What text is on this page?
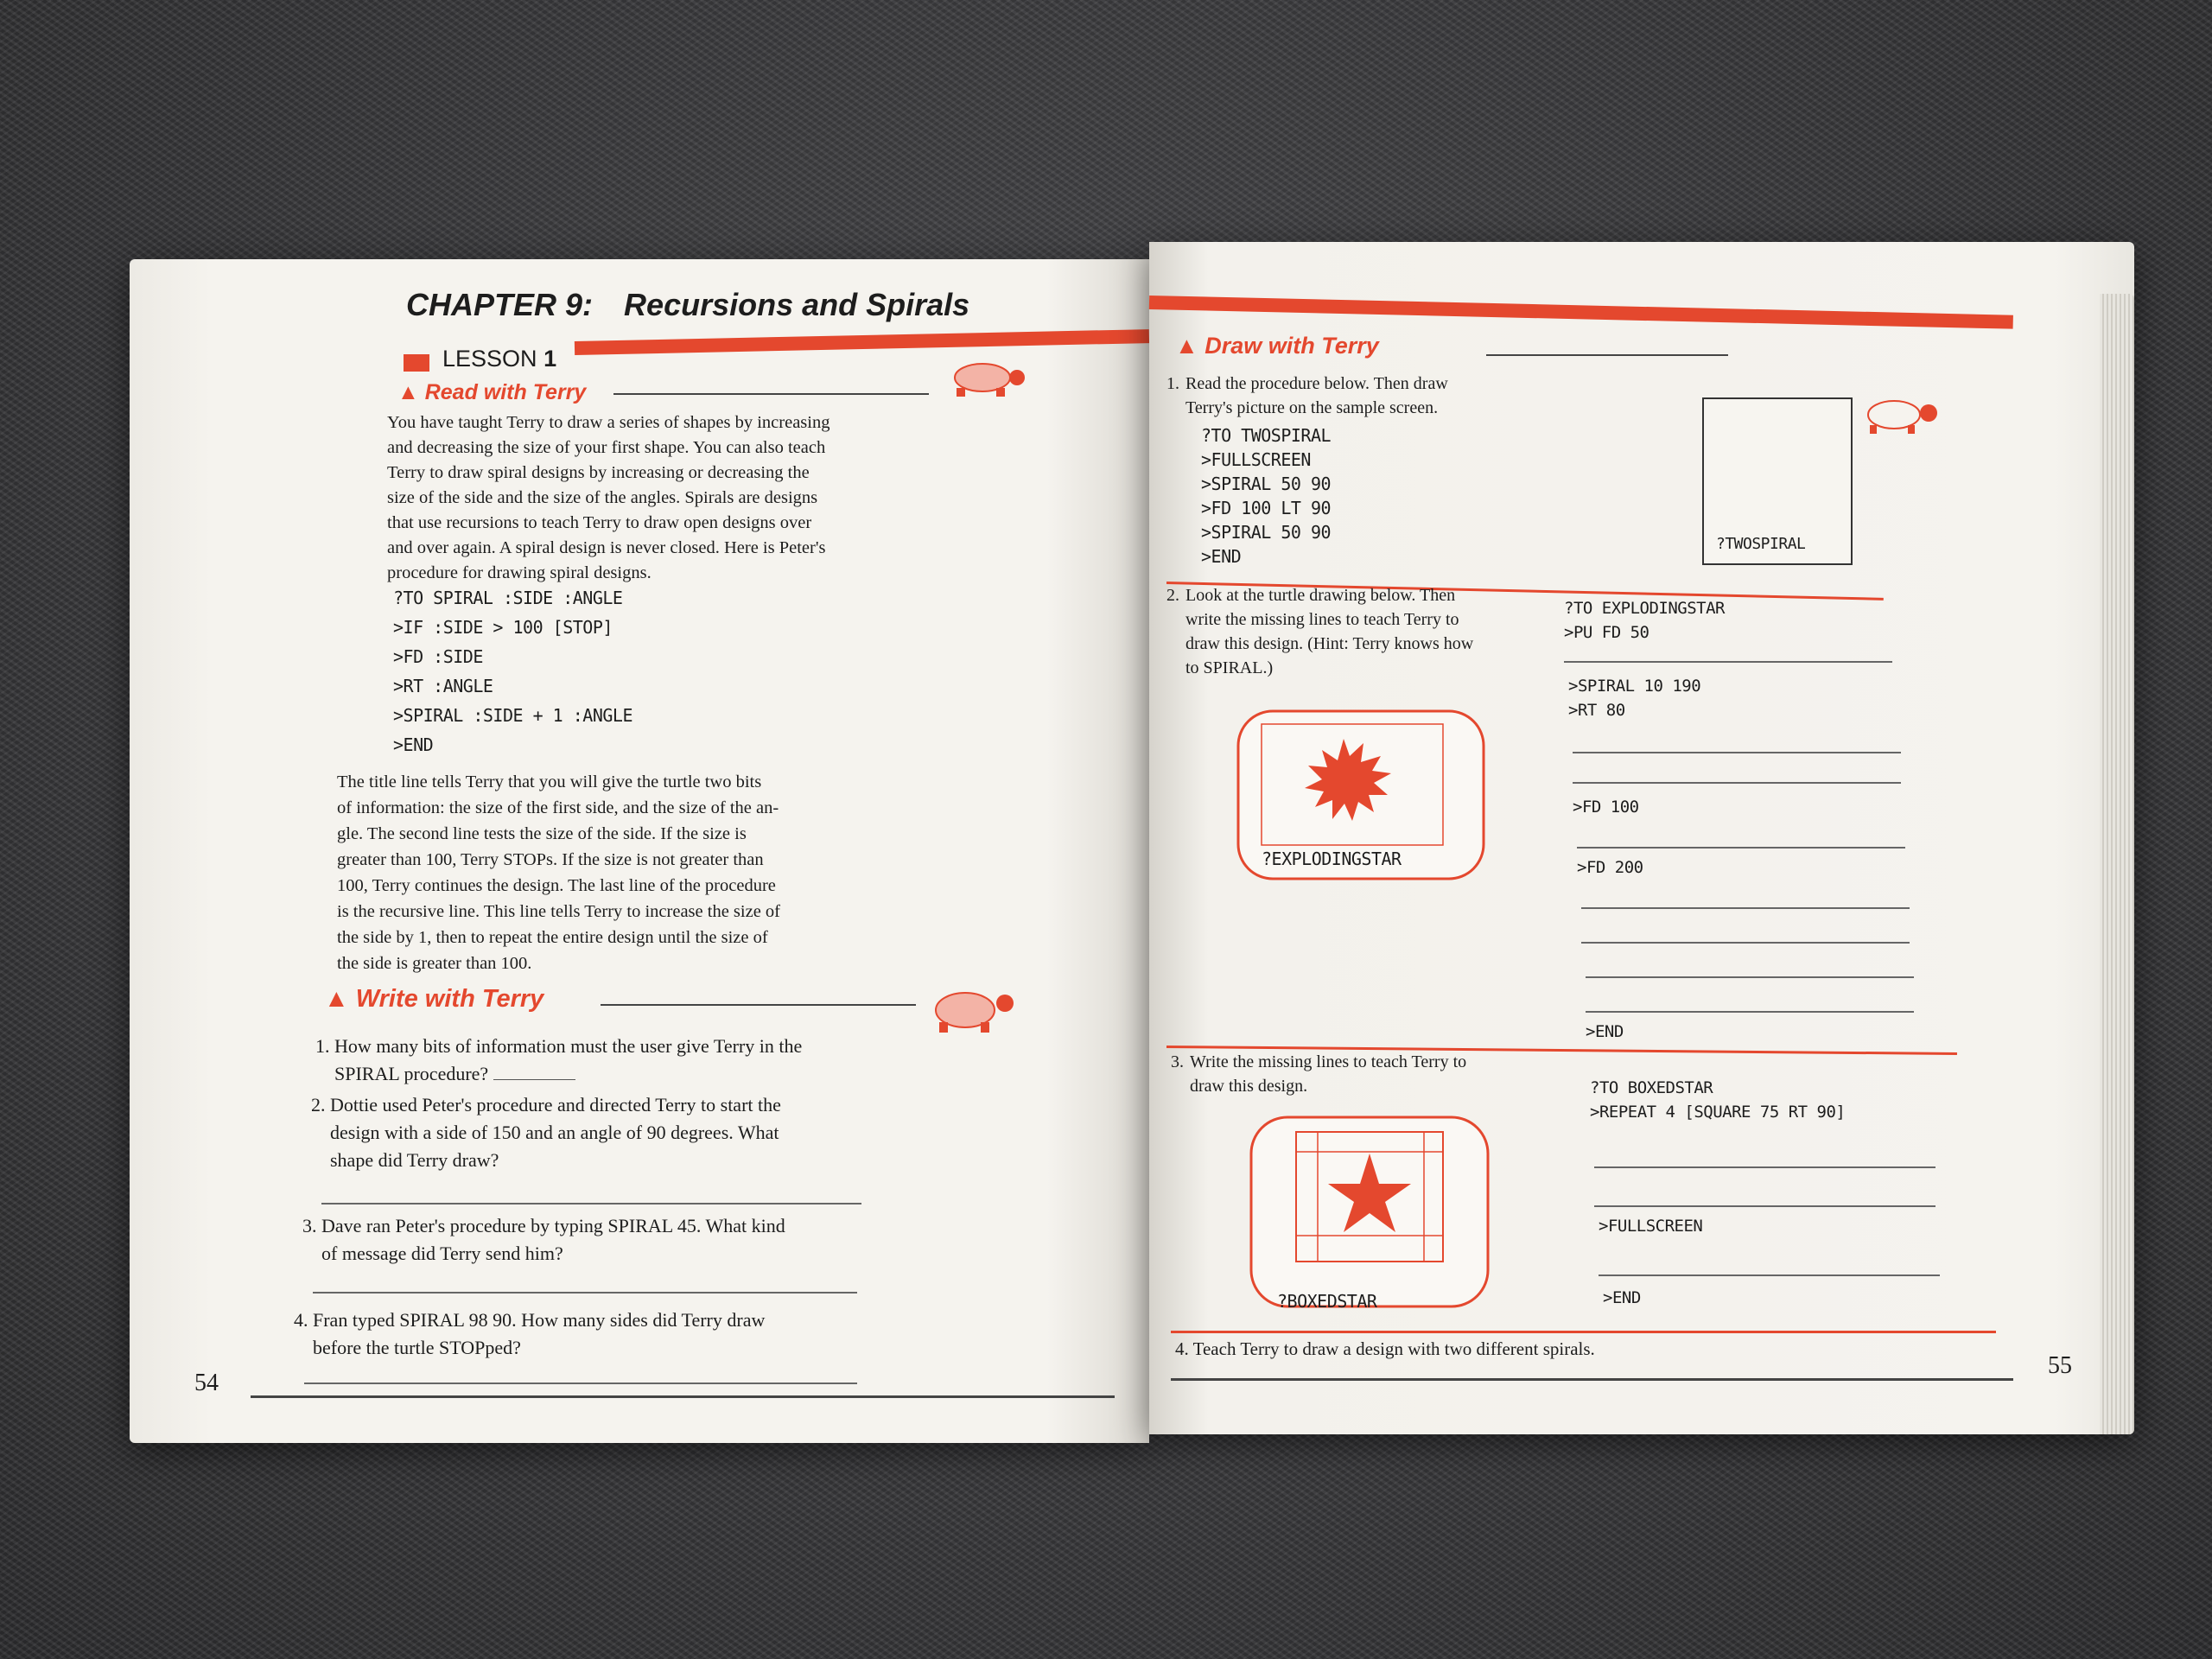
CHAPTER 9: Recursions and Spirals
LESSON 1
▲ Read with Terry
You have taught Terry to draw a series of shapes by increasing
and decreasing the size of your first shape. You can also teach
Terry to draw spiral designs by increasing or decreasing the
size of the side and the size of the angles. Spirals are designs
that use recursions to teach Terry to draw open designs over
and over again. A spiral design is never closed. Here is Peter's
procedure for drawing spiral designs.
?TO SPIRAL :SIDE :ANGLE
>IF :SIDE > 100 [STOP]
>FD :SIDE
>RT :ANGLE
>SPIRAL :SIDE + 1 :ANGLE
>END
The title line tells Terry that you will give the turtle two bits
of information: the size of the first side, and the size of the an-
gle. The second line tests the size of the side. If the size is
greater than 100, Terry STOPs. If the size is not greater than
100, Terry continues the design. The last line of the procedure
is the recursive line. This line tells Terry to increase the size of
the side by 1, then to repeat the entire design until the size of
the side is greater than 100.
▲ Write with Terry
1. How many bits of information must the user give Terry in the
SPIRAL procedure?
2. Dottie used Peter's procedure and directed Terry to start the
design with a side of 150 and an angle of 90 degrees. What
shape did Terry draw?
3. Dave ran Peter's procedure by typing SPIRAL 45. What kind
of message did Terry send him?
4. Fran typed SPIRAL 98 90. How many sides did Terry draw
before the turtle STOPped?
54
▲ Draw with Terry
1. Read the procedure below. Then draw
Terry's picture on the sample screen.
?TO TWOSPIRAL
>FULLSCREEN
>SPIRAL 50 90
>FD 100 LT 90
>SPIRAL 50 90
>END
?TWOSPIRAL
2. Look at the turtle drawing below. Then
write the missing lines to teach Terry to
draw this design. (Hint: Terry knows how
to SPIRAL.)
?EXPLODINGSTAR
?TO EXPLODINGSTAR
>PU FD 50
>SPIRAL 10 190
>RT 80
>FD 100
>FD 200
>END
3. Write the missing lines to teach Terry to
draw this design.
?BOXEDSTAR
?TO BOXEDSTAR
>REPEAT 4 [SQUARE 75 RT 90]
>FULLSCREEN
>END
4. Teach Terry to draw a design with two different spirals.
55
